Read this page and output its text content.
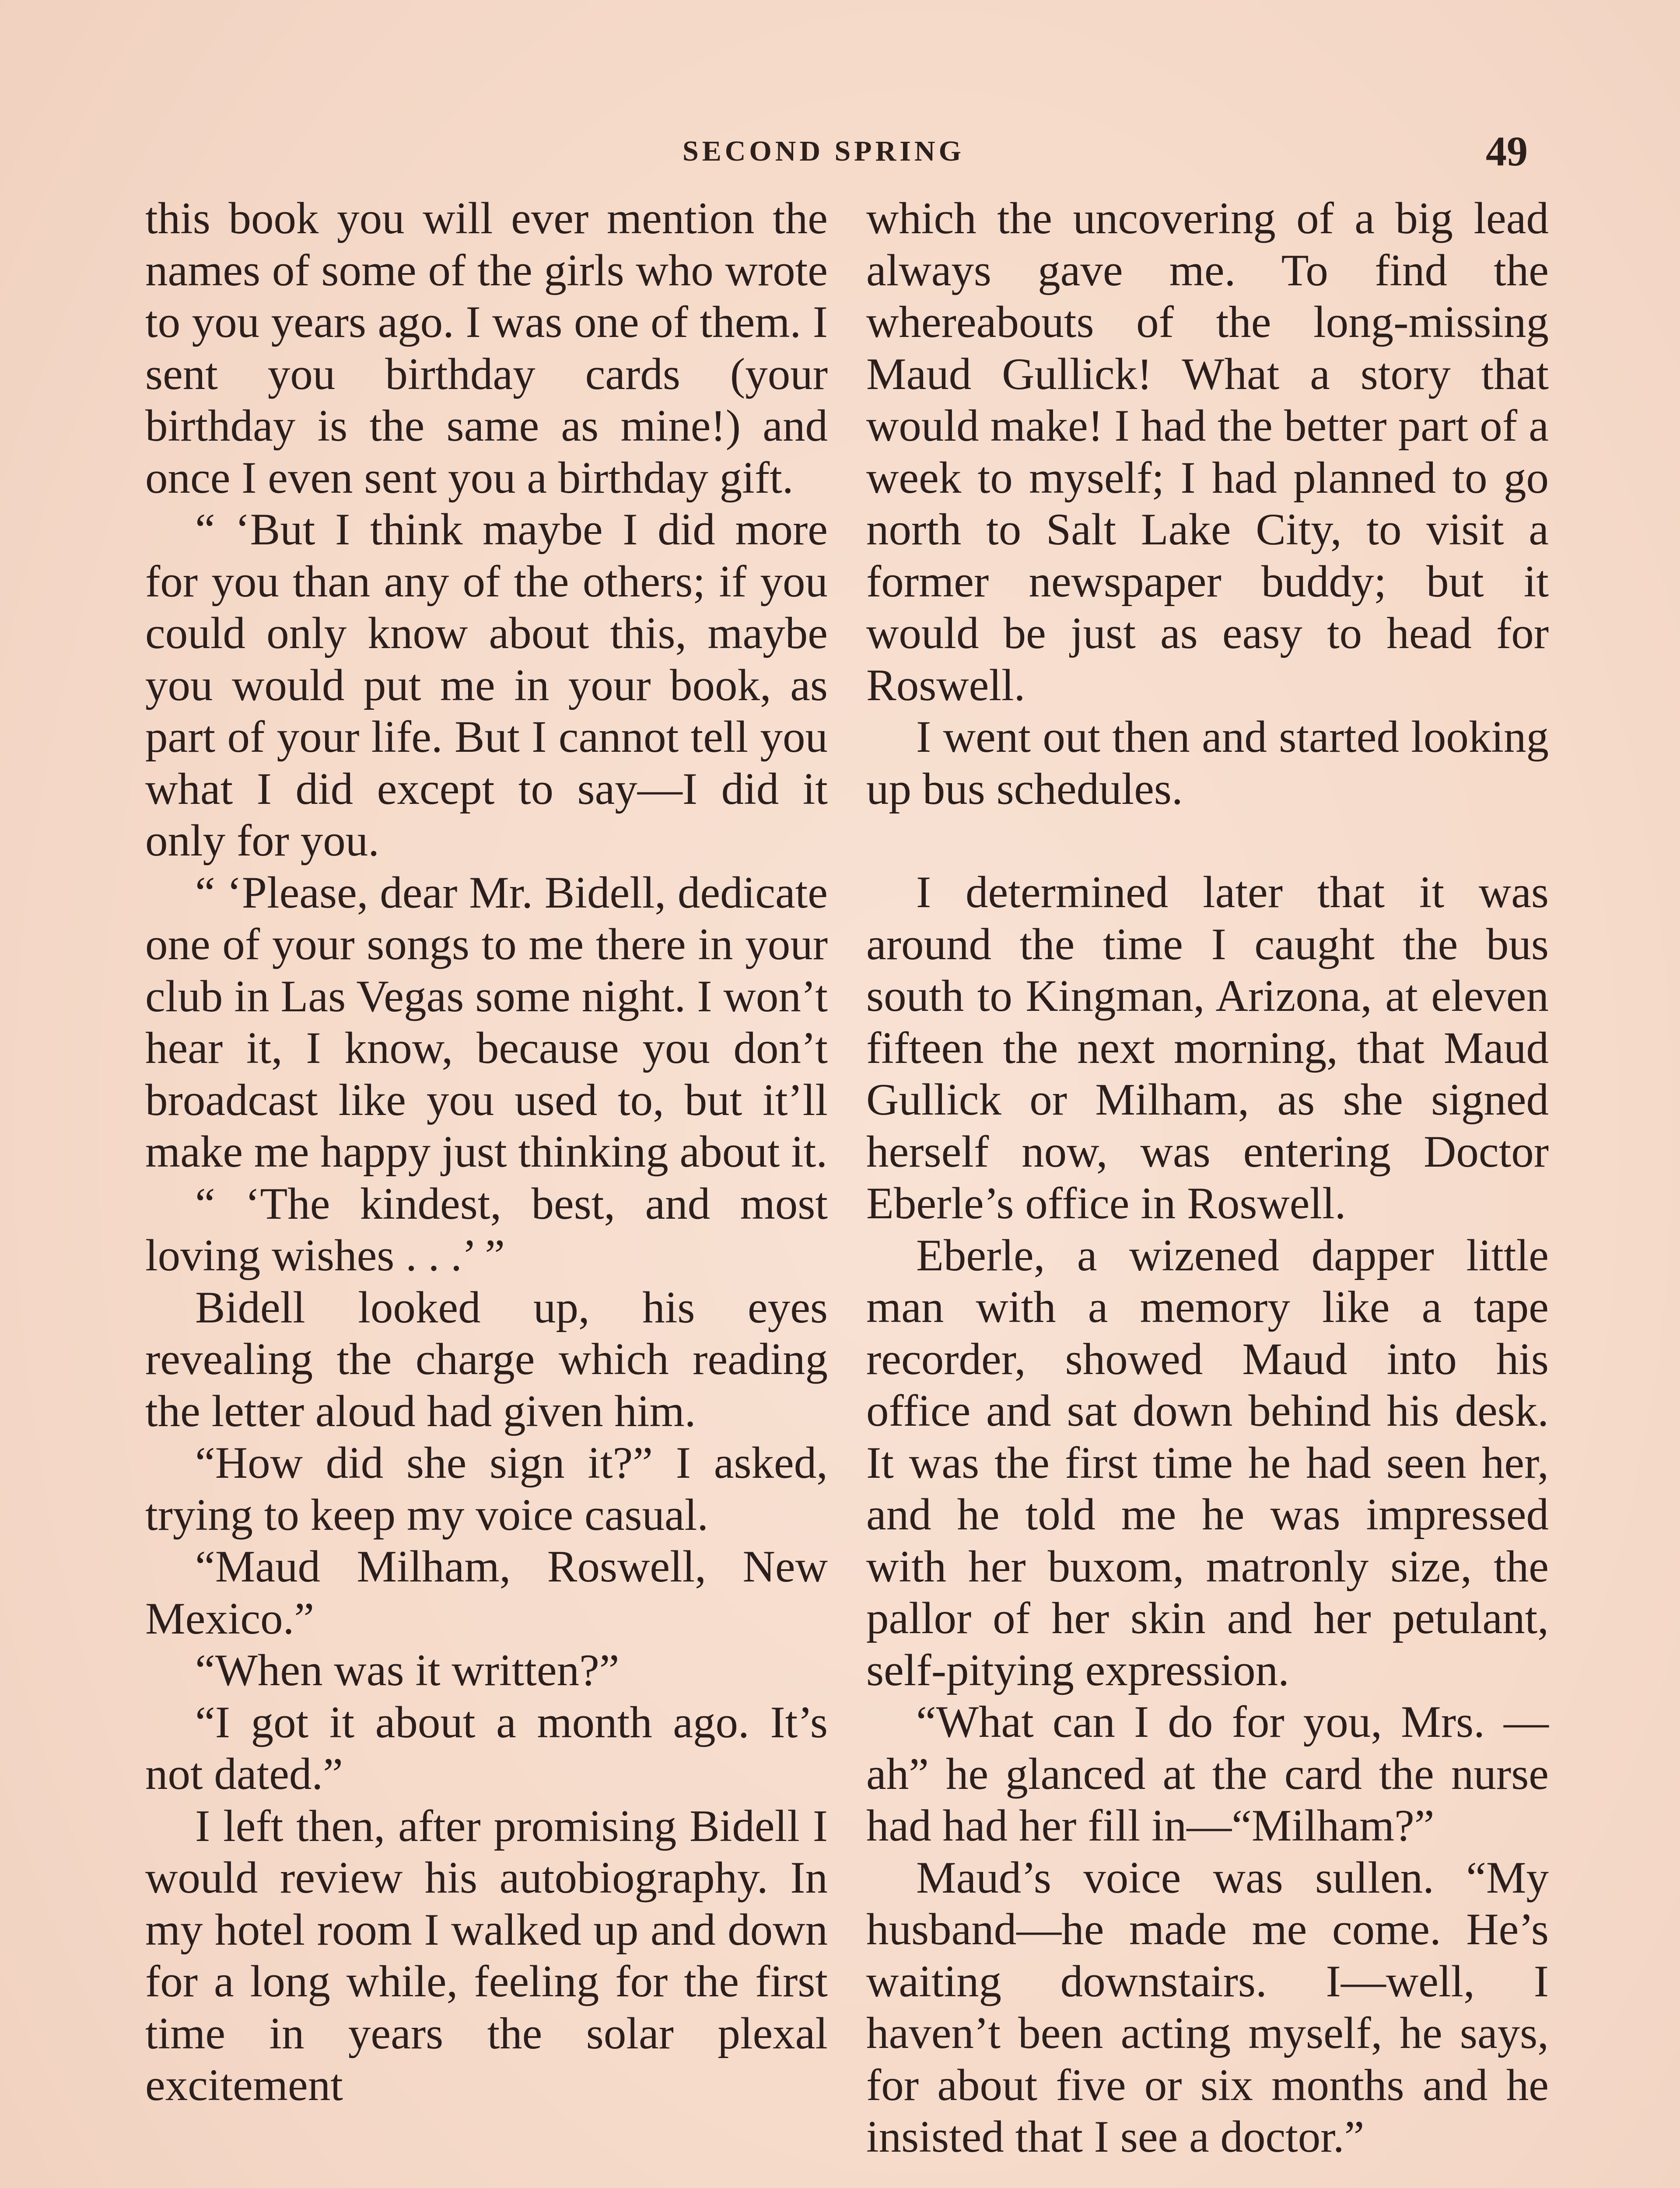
SECOND SPRING	49

this book you will ever mention the names of some of the girls who wrote to you years ago. I was one of them. I sent you birthday cards (your birthday is the same as mine!) and once I even sent you a birthday gift.

“ ‘But I think maybe I did more for you than any of the others; if you could only know about this, maybe you would put me in your book, as part of your life. But I cannot tell you what I did except to say—I did it only for you.

“ ‘Please, dear Mr. Bidell, dedicate one of your songs to me there in your club in Las Vegas some night. I won’t hear it, I know, because you don’t broadcast like you used to, but it’ll make me happy just thinking about it.

“ ‘The kindest, best, and most loving wishes . . .’ ”

Bidell looked up, his eyes revealing the charge which reading the letter aloud had given him.

“How did she sign it?” I asked, trying to keep my voice casual.

“Maud Milham, Roswell, New Mexico.”

“When was it written?”

“I got it about a month ago. It’s not dated.”

I left then, after promising Bidell I would review his autobiography. In my hotel room I walked up and down for a long while, feeling for the first time in years the solar plexal excitement

which the uncovering of a big lead always gave me. To find the whereabouts of the long-missing Maud Gullick! What a story that would make! I had the better part of a week to myself; I had planned to go north to Salt Lake City, to visit a former newspaper buddy; but it would be just as easy to head for Roswell.

I went out then and started looking up bus schedules.

I determined later that it was around the time I caught the bus south to Kingman, Arizona, at eleven fifteen the next morning, that Maud Gullick or Milham, as she signed herself now, was entering Doctor Eberle’s office in Roswell.

Eberle, a wizened dapper little man with a memory like a tape recorder, showed Maud into his office and sat down behind his desk. It was the first time he had seen her, and he told me he was impressed with her buxom, matronly size, the pallor of her skin and her petulant, self-pitying expression.

“What can I do for you, Mrs. —ah” he glanced at the card the nurse had had her fill in—“Milham?”

Maud’s voice was sullen. “My husband—he made me come. He’s waiting downstairs. I—well, I haven’t been acting myself, he says, for about five or six months and he insisted that I see a doctor.”
